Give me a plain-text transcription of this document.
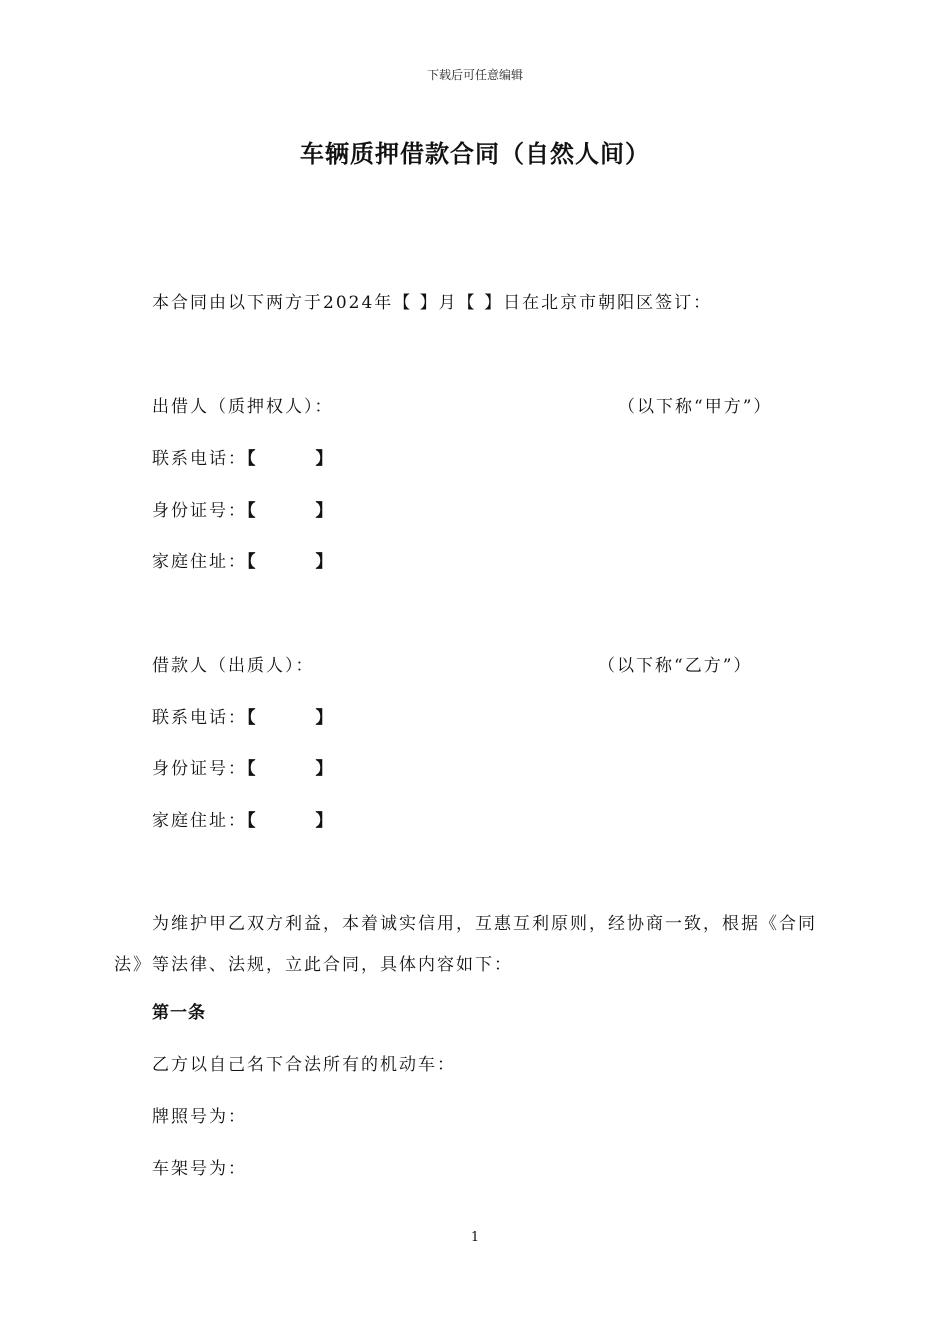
下载后可任意编辑
车辆质押借款合同（自然人间）
本合同由以下两方于2024年【 】月【 】日在北京市朝阳区签订：
出借人（质押权人）：	（以下称“甲方”）
联系电话：【	】
身份证号：【	】
家庭住址：【	】
借款人（出质人）：	（以下称“乙方”）
联系电话：【	】
身份证号：【	】
家庭住址：【	】
为维护甲乙双方利益，本着诚实信用，互惠互利原则，经协商一致，根据《合同法》等法律、法规，立此合同，具体内容如下：
第一条
乙方以自己名下合法所有的机动车：
牌照号为：
车架号为：
1
